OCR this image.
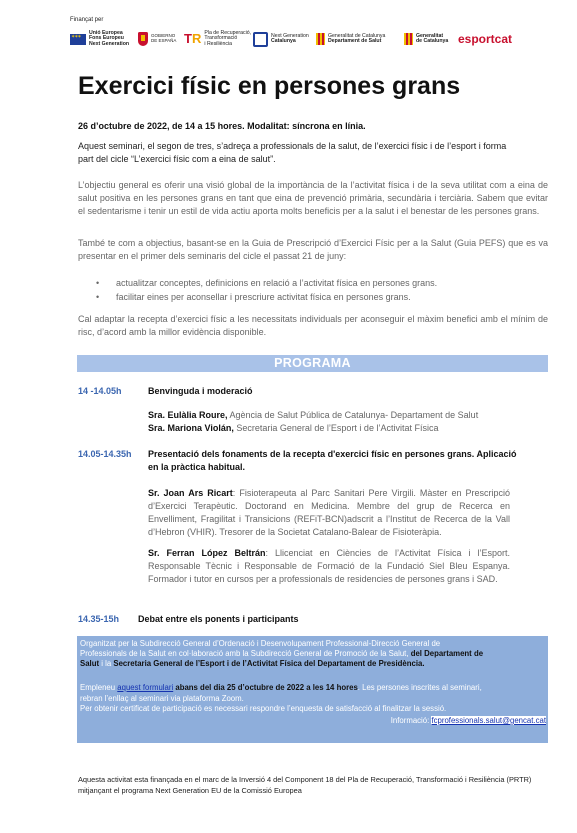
Finançat per
✶✶✶
Unió Europea
Fons Europeu
Next Generation
GOBIERNO
DE ESPAÑA TR Pla de Recuperació,
Transformació
i Resiliència
Next Generation
Catalunya
Generalitat de Catalunya
Departament de Salut
Generalitat
de Catalunya esportcat
Exercici físic en persones grans
26 d’octubre de 2022, de 14 a 15 hores. Modalitat: síncrona en línia.
Aquest seminari, el segon de tres, s’adreça a professionals de la salut, de l’exercici físic i de l’esport i forma
part del cicle “L’exercici físic com a eina de salut”.
L’objectiu general es oferir una visió global de la importància de la l’activitat física i de la seva utilitat com a eina de salut positiva en les persones grans en tant que eina de prevenció primària, secundària i terciària. Sabem que evitar el sedentarisme i tenir un estil de vida actiu aporta molts beneficis per a la salut i el benestar de les persones grans.
També te com a objectius, basant-se en la Guia de Prescripció d’Exercici Físic per a la Salut (Guia PEFS) que es va presentar en el primer dels seminaris del cicle el passat 21 de juny:
• actualitzar conceptes, definicions en relació a l’activitat física en persones grans.
• facilitar eines per aconsellar i prescriure activitat física en persones grans.
Cal adaptar la recepta d’exercici físic a les necessitats individuals per aconseguir el màxim benefici amb el mínim de risc, d’acord amb la millor evidència disponible.
PROGRAMA
14 -14.05h	Benvinguda i moderació
Sra. Eulàlia Roure, Agència de Salut Pública de Catalunya- Departament de Salut
Sra. Mariona Violán, Secretaria General de l’Esport i de l’Activitat Física
14.05-14.35h Presentació dels fonaments de la recepta d'exercici físic en persones grans. Aplicació en la pràctica habitual.
Sr. Joan Ars Ricart: Fisioterapeuta al Parc Sanitari Pere Virgili. Màster en Prescripció d’Exercici Terapèutic. Doctorand en Medicina. Membre del grup de Recerca en Envelliment, Fragilitat i Transicions (REFiT-BCN)adscrit a l’Institut de Recerca de la Vall d’Hebron (VHIR). Tresorer de la Societat Catalano-Balear de Fisioteràpia.
Sr. Ferran López Beltrán: Llicenciat en Ciències de l’Activitat Física i l’Esport. Responsable Tècnic i Responsable de Formació de la Fundació Siel Bleu Espanya. Formador i tutor en cursos per a professionals de residencies de persones grans i SAD.
14.35-15h Debat entre els ponents i participants
Organitzat per la Subdirecció General d’Ordenació i Desenvolupament Professional-Direcció General de
Professionals de la Salut en col·laboració amb la Subdirecció General de Promoció de la Salut, del Departament de
Salut i la Secretaria General de l’Esport i de l’Activitat Física del Departament de Presidència.
Empleneu aquest formulari abans del dia 25 d’octubre de 2022 a les 14 hores. Les persones inscrites al seminari,
rebran l’enllaç al seminari via plataforma Zoom.
Per obtenir certificat de participació es necessari respondre l’enquesta de satisfacció al finalitzar la sessió.
Informació: fcprofessionals.salut@gencat.cat
Aquesta activitat esta finançada en el marc de la Inversió 4 del Component 18 del Pla de Recuperació, Transformació i Resiliència (PRTR) mitjançant el programa Next Generation EU de la Comissió Europea
